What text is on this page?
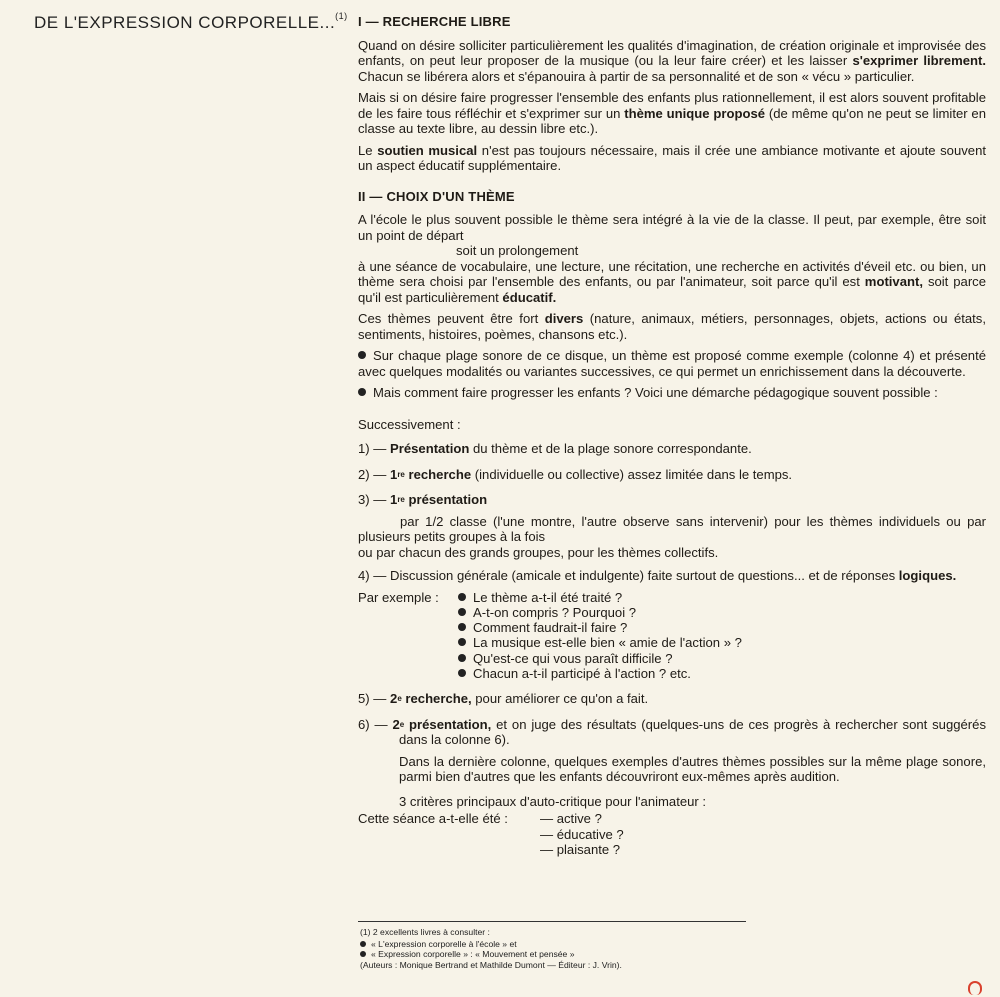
DE L'EXPRESSION CORPORELLE...$^{(1)}$ I — RECHERCHE LIBRE

Quand on désire solliciter particulièrement les qualités d'imagination, de création originale et improvisée des enfants, on peut leur proposer de la musique (ou la leur faire créer) et les laisser s'exprimer librement. Chacun se libérera alors et s'épanouira à partir de sa personnalité et de son « vécu » particulier.

Mais si on désire faire progresser l'ensemble des enfants plus rationnellement, il est alors souvent profitable de les faire tous réfléchir et s'exprimer sur un thème unique proposé (de même qu'on ne peut se limiter en classe au texte libre, au dessin libre etc.).

Le soutien musical n'est pas toujours nécessaire, mais il crée une ambiance motivante et ajoute souvent un aspect éducatif supplémentaire.

II — CHOIX D'UN THÈME

A l'école le plus souvent possible le thème sera intégré à la vie de la classe. Il peut, par exemple, être soit un point de départ

soit un prolongement

à une séance de vocabulaire, une lecture, une récitation, une recherche en activités d'éveil etc. ou bien, un thème sera choisi par l'ensemble des enfants, ou par l'animateur, soit parce qu'il est motivant, soit parce qu'il est particulièrement éducatif.

Ces thèmes peuvent être fort divers (nature, animaux, métiers, personnages, objets, actions ou états, sentiments, histoires, poèmes, chansons etc.).

Sur chaque plage sonore de ce disque, un thème est proposé comme exemple (colonne 4) et présenté avec quelques modalités ou variantes successives, ce qui permet un enrichissement dans la découverte.

Mais comment faire progresser les enfants ? Voici une démarche pédagogique souvent possible :

Successivement :
1) — Présentation du thème et de la plage sonore correspondante.
2) — 1re recherche (individuelle ou collective) assez limitée dans le temps.
3) — 1re présentation
par 1/2 classe (l'une montre, l'autre observe sans intervenir) pour les thèmes individuels ou par plusieurs petits groupes à la fois
ou par chacun des grands groupes, pour les thèmes collectifs.
4) — Discussion générale (amicale et indulgente) faite surtout de questions... et de réponses logiques.
Par exemple :	Le thème a-t-il été traité ?
A-t-on compris ? Pourquoi ?
Comment faudrait-il faire ?
La musique est-elle bien « amie de l'action » ?
Qu'est-ce qui vous paraît difficile ?
Chacun a-t-il participé à l'action ? etc.
5) — 2e recherche, pour améliorer ce qu'on a fait.
6) — 2e présentation, et on juge des résultats (quelques-uns de ces progrès à rechercher sont suggérés dans la colonne 6).
Dans la dernière colonne, quelques exemples d'autres thèmes possibles sur la même plage sonore, parmi bien d'autres que les enfants découvriront eux-mêmes après audition.
3 critères principaux d'auto-critique pour l'animateur :
Cette séance a-t-elle été :	— active ?
— éducative ?
— plaisante ?
(1) 2 excellents livres à consulter :
« L'expression corporelle à l'école » et
« Expression corporelle » : « Mouvement et pensée »
(Auteurs : Monique Bertrand et Mathilde Dumont — Éditeur : J. Vrin).
